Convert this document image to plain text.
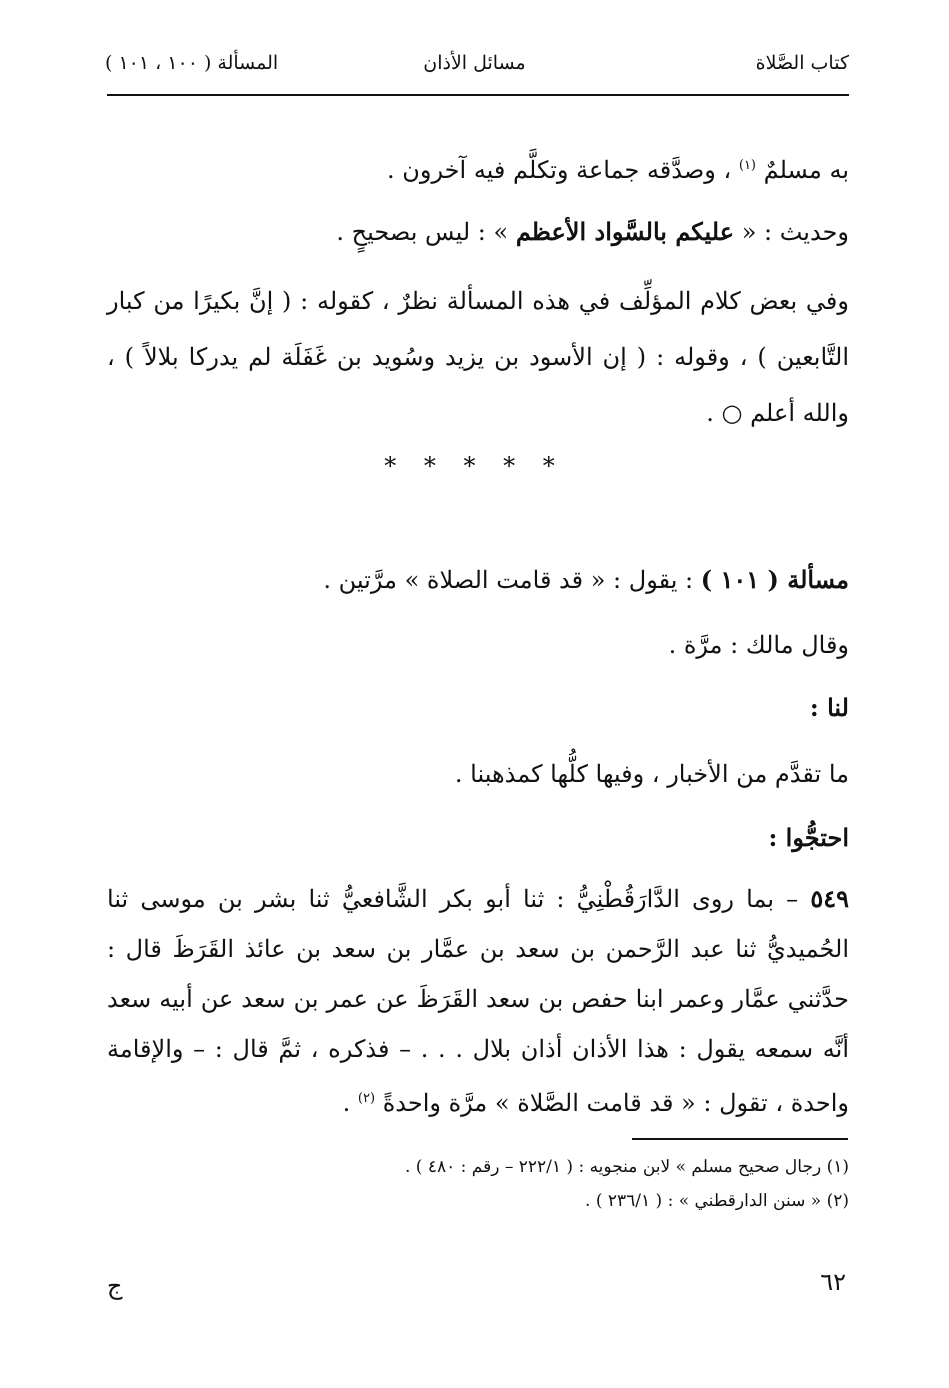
كتاب الصَّلاة
مسائل الأذان
المسألة ( ١٠٠ ، ١٠١ )
به مسلمٌ $^{(١)}$ ، وصدَّقه جماعة وتكلَّم فيه آخرون .
وحديث : « عليكم بالسَّواد الأعظم » : ليس بصحيحٍ .
وفي بعض كلام المؤلِّف في هذه المسألة نظرٌ ، كقوله : ( إنَّ بكيرًا من كبار التَّابعين ) ، وقوله : ( إن الأسود بن يزيد وسُويد بن غَفَلَة لم يدركا بلالاً ) ، والله أعلم ○ .
* * * * *
مسألة ( ١٠١ ) : يقول : « قد قامت الصلاة » مرَّتين .
وقال مالك : مرَّة .
لنا :
ما تقدَّم من الأخبار ، وفيها كلُّها كمذهبنا .
احتجُّوا :
٥٤٩ – بما روى الدَّارَقُطْنِيُّ : ثنا أبو بكر الشَّافعيُّ ثنا بشر بن موسى ثنا الحُميديُّ ثنا عبد الرَّحمن بن سعد بن عمَّار بن سعد بن عائذ القَرَظَ قال : حدَّثني عمَّار وعمر ابنا حفص بن سعد القَرَظَ عن عمر بن سعد عن أبيه سعد أنَّه سمعه يقول : هذا الأذان أذان بلال . . . – فذكره ، ثمَّ قال : – والإقامة واحدة ، تقول : « قد قامت الصَّلاة » مرَّة واحدةً $^{(٢)}$ .
(١) رجال صحيح مسلم » لابن منجويه : ( ٢٢٢/١ – رقم : ٤٨٠ ) .
(٢) « سنن الدارقطني » : ( ٢٣٦/١ ) .
٦٢
ج
